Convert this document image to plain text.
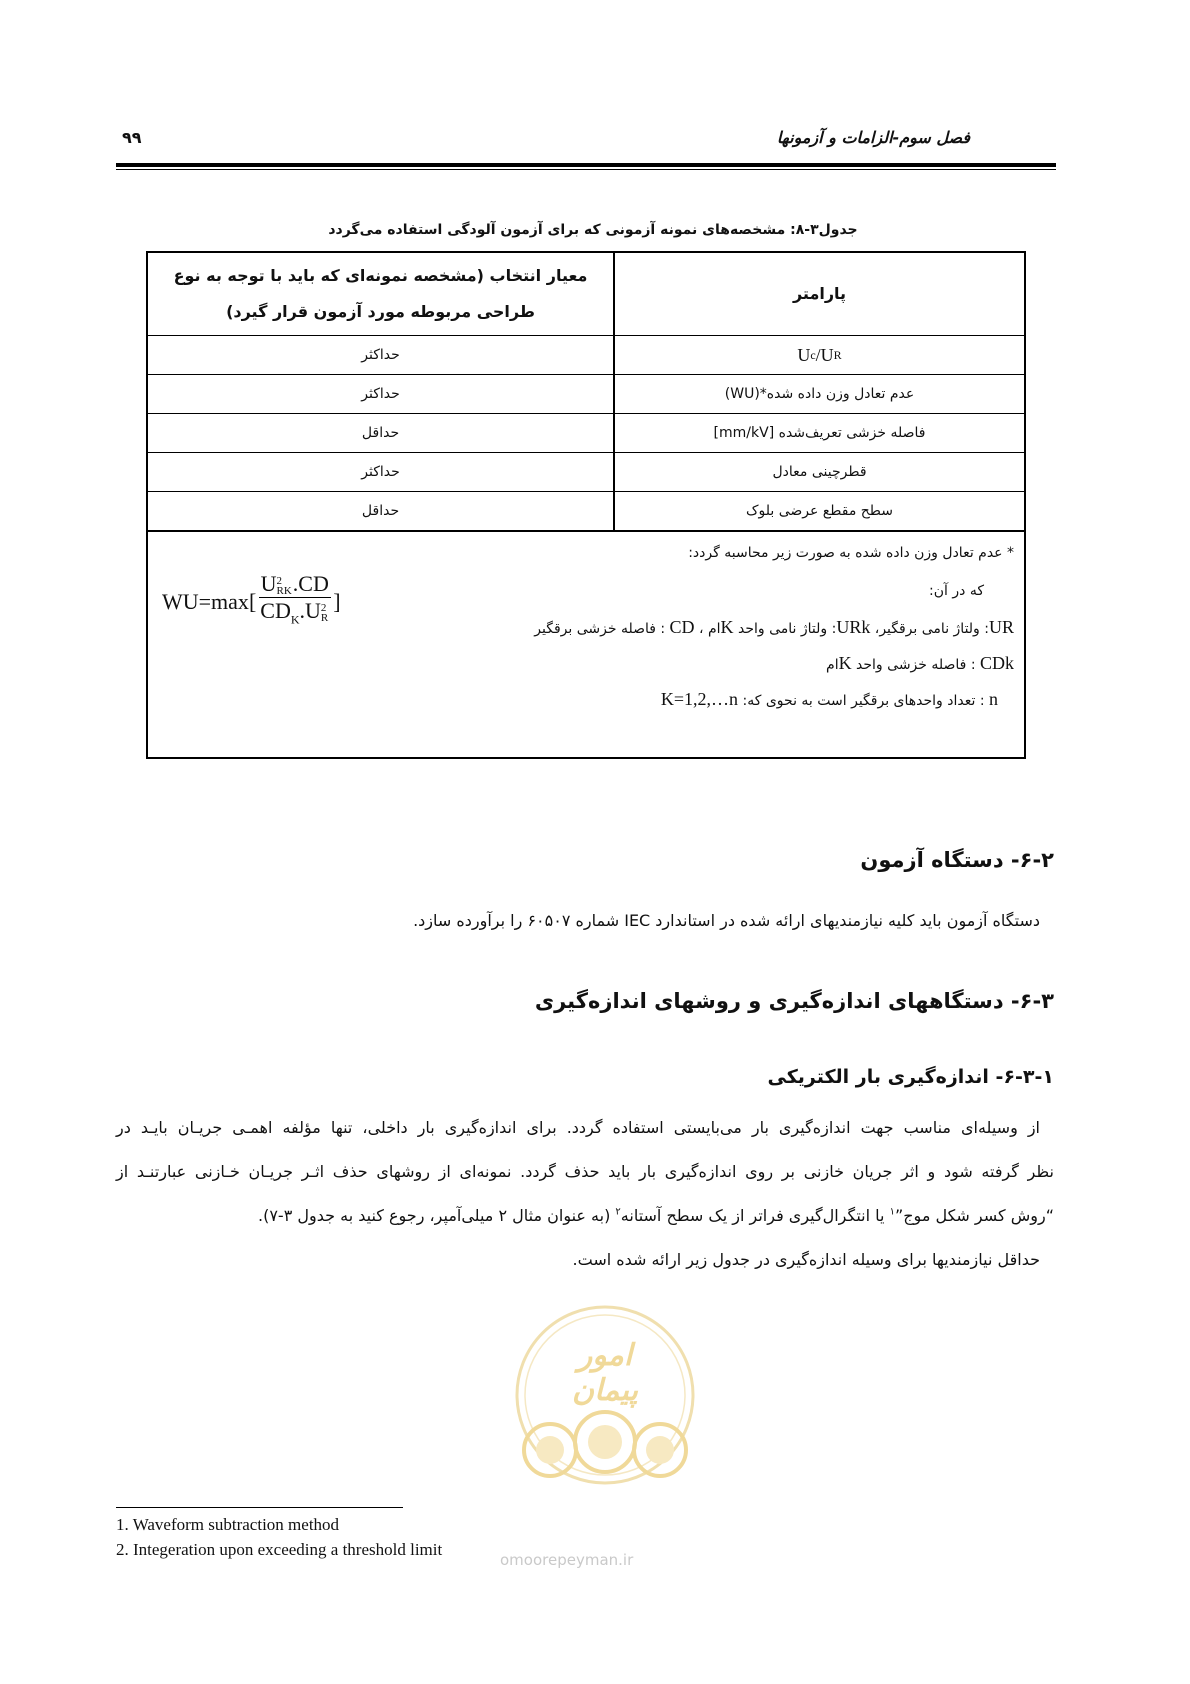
فصل سوم-الزامات و آزمونها
۹۹
جدول۳-۸: مشخصه‌های نمونه آزمونی که برای آزمون آلودگی استفاده می‌گردد
پارامتر
معیار انتخاب (مشخصه نمونه‌ای که باید با توجه به نوع
طراحی مربوطه مورد آزمون قرار گیرد)
U c /U R
حداکثر
عدم تعادل وزن داده شده*(WU)
حداکثر
فاصله خزشی تعریف‌شده [mm/kV]
حداقل
قطرچینی معادل
حداکثر
سطح مقطع عرضی بلوک
حداقل
* عدم تعادل وزن داده شده به صورت زیر محاسبه گردد:
که در آن:
UR: ولتاژ نامی برقگیر، URk: ولتاژ نامی واحد Kام ، CD : فاصله خزشی برقگیر
CDk : فاصله خزشی واحد Kام
n : تعداد واحدهای برقگیر است به نحوی که: K=1,2,…n
WU=max [ U 2
RK .CD
$CD_K.U$ 2
R ]
۶-۲- دستگاه آزمون
دستگاه آزمون باید کلیه نیازمندیهای ارائه شده در استاندارد IEC شماره ۶۰۵۰۷ را برآورده سازد.
۶-۳- دستگاههای اندازه‌گیری و روشهای اندازه‌گیری
۶-۳-۱- اندازه‌گیری بار الکتریکی
از وسیله‌ای مناسب جهت اندازه‌گیری بار می‌بایستی استفاده گردد. برای اندازه‌گیری بار داخلی، تنها مؤلفه اهمـی جریـان بایـد در
نظر گرفته شود و اثر جریان خازنی بر روی اندازه‌گیری بار باید حذف گردد. نمونه‌ای از روشهای حذف اثـر جریـان خـازنی عبارتنـد از
“روش کسر شکل موج”$^۱$ یا انتگرال‌گیری فراتر از یک سطح آستانه$^۲$ (به عنوان مثال ۲ میلی‌آمپر، رجوع کنید به جدول ۳-۷).
حداقل نیازمندیها برای وسیله اندازه‌گیری در جدول زیر ارائه شده است.
امور پیمان
omoorepeyman.ir
1. Waveform subtraction method
2. Integeration upon exceeding a threshold limit
